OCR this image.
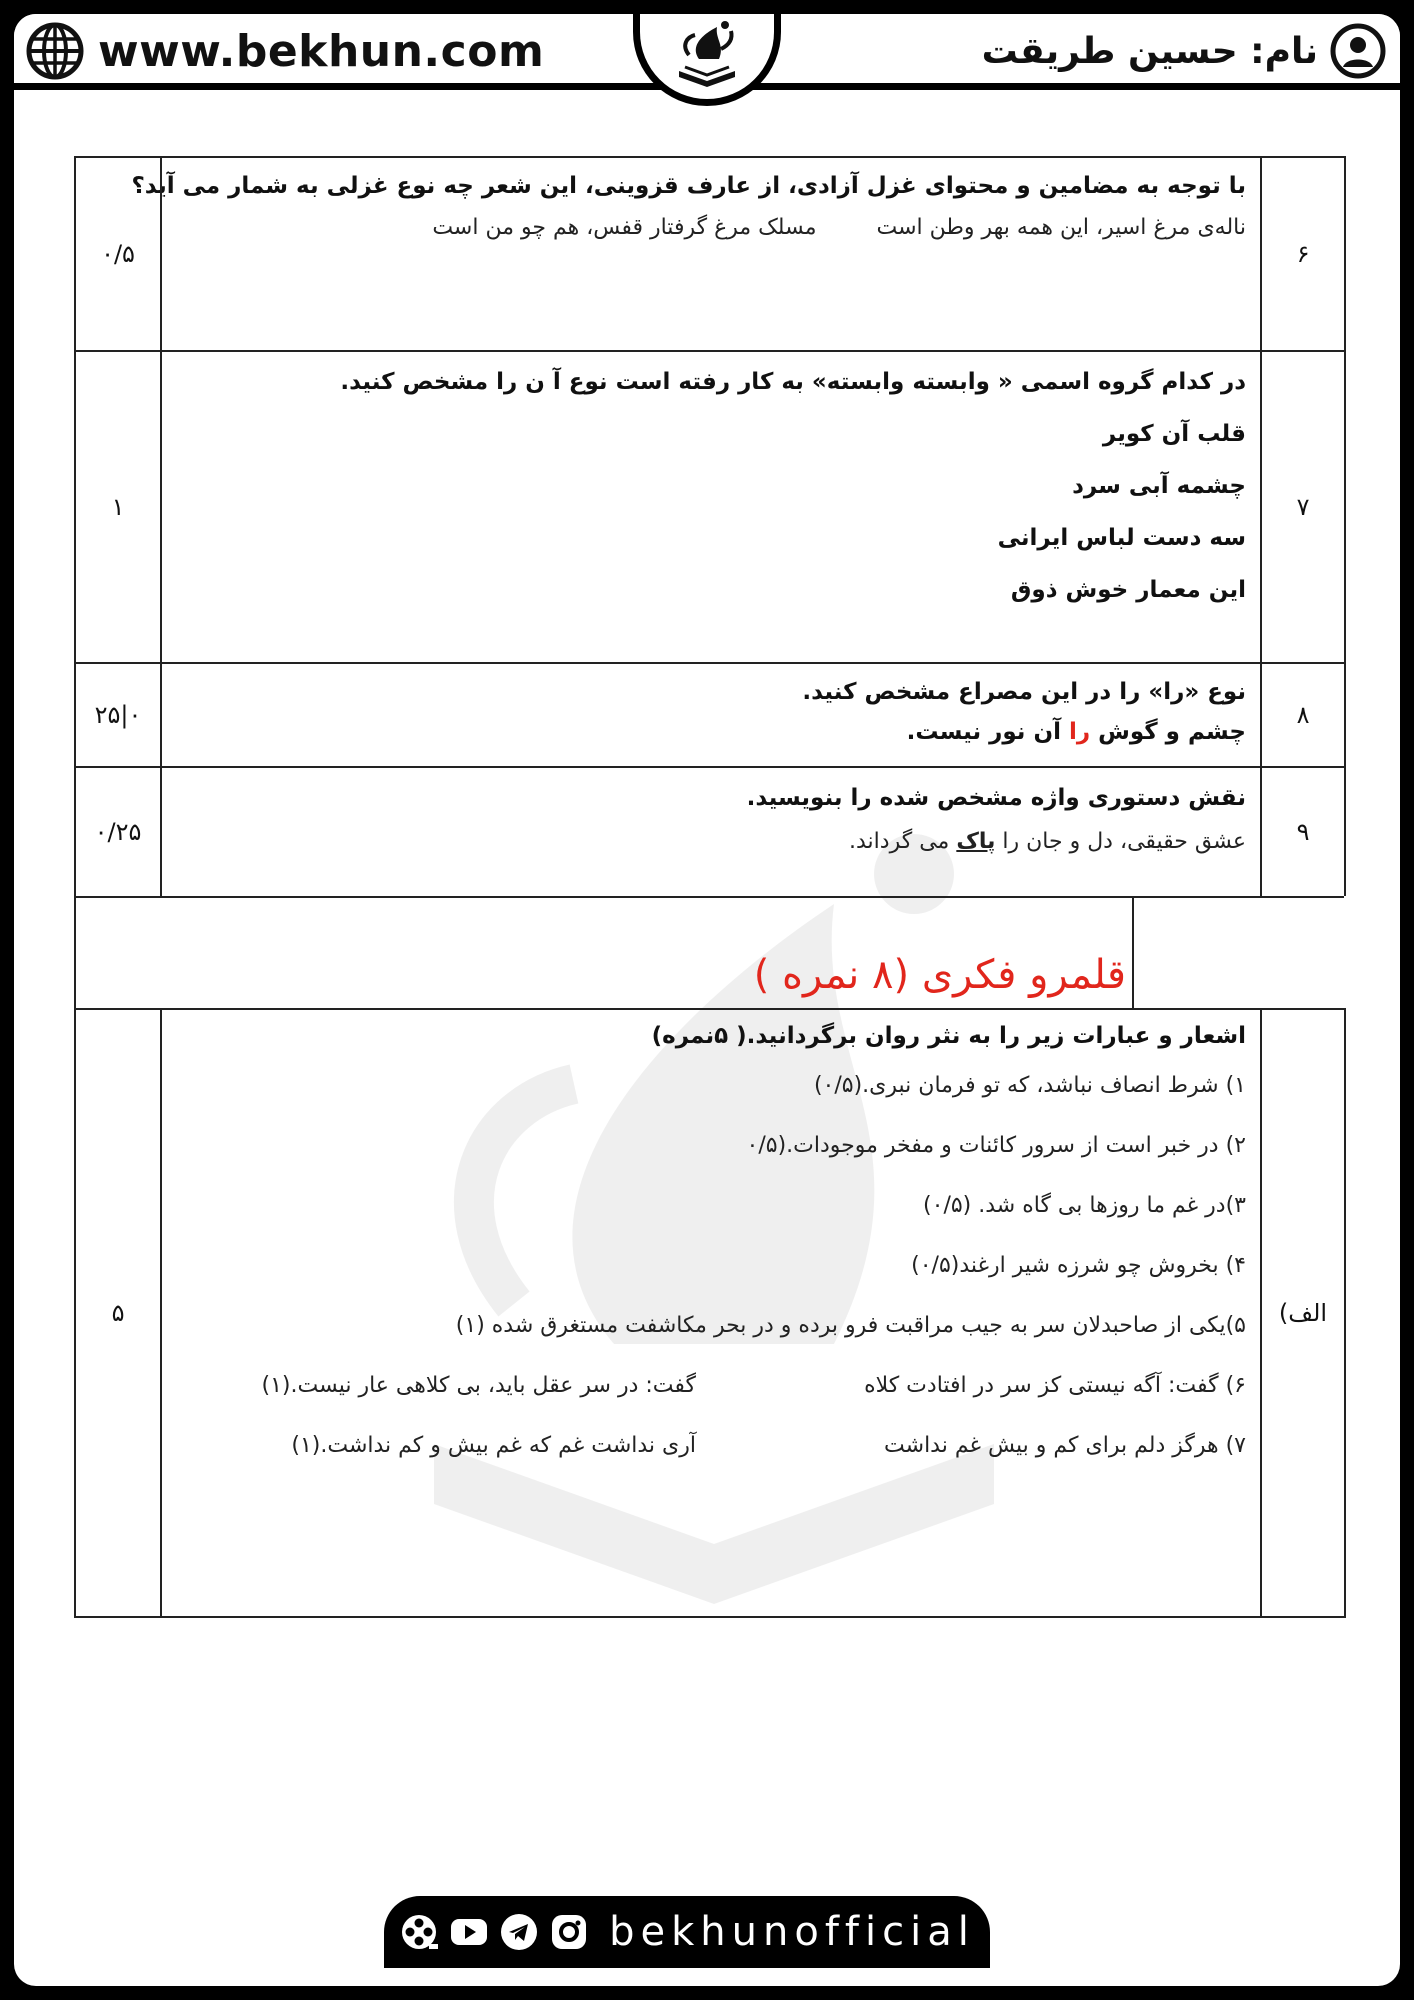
www.bekhun.com	نام: حسین طریقت
۶
با توجه به مضامین و محتوای غزل آزادی، از عارف قزوینی، این شعر چه نوع غزلی به شمار می آید؟
ناله‌ی مرغ اسیر، این همه بهر وطن است  مسلک مرغ گرفتار قفس، هم چو من است
۰/۵
۷
در کدام گروه اسمی « وابسته وابسته» به کار رفته است نوع آ ن را مشخص کنید.
قلب آن کویر
چشمه آبی سرد
سه دست لباس ایرانی
این معمار خوش ذوق
۱
۸
نوع «را» را در این مصراع مشخص کنید.
چشم و گوش را آن نور نیست.
۰|۲۵
۹
نقش دستوری واژه مشخص شده را بنویسید.
عشق حقیقی، دل و جان را پاک می گرداند.
۰/۲۵
قلمرو فکری (۸ نمره )
الف)
اشعار و عبارات زیر را به نثر روان برگردانید.( ۵نمره)
۱) شرط انصاف نباشد، که تو فرمان نبری.(۰/۵)
۲) در خبر است از سرور کائنات و مفخر موجودات.(۰/۵
۳)در غم ما روزها بی گاه شد. (۰/۵)
۴) بخروش چو شرزه شیر ارغند(۰/۵)
۵)یکی از صاحبدلان سر به جیب مراقبت فرو برده و در بحر مکاشفت مستغرق شده (۱)
۶) گفت: آگه نیستی کز سر در افتادت کلاه
گفت: در سر عقل باید، بی کلاهی عار نیست.(۱)
۷) هرگز دلم برای کم و بیش غم نداشت
آری نداشت غم که غم بیش و کم نداشت.(۱)
۵
bekhunofficial
